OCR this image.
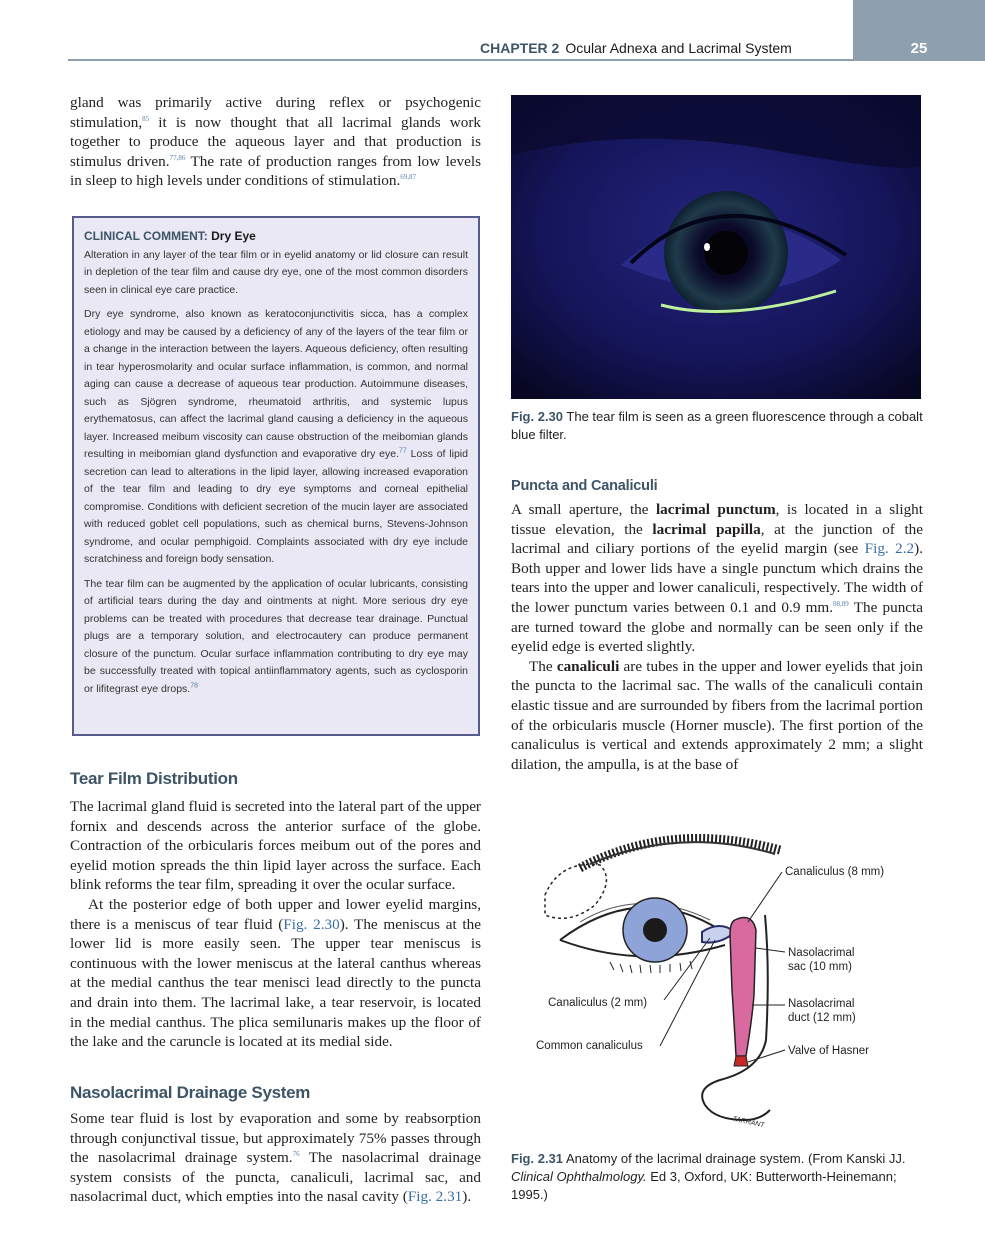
CHAPTER 2 Ocular Adnexa and Lacrimal System	25

gland was primarily active during reflex or psychogenic stimulation,$^{85}$ it is now thought that all lacrimal glands work together to produce the aqueous layer and that production is stimulus driven.$^{77,86}$ The rate of production ranges from low levels in sleep to high levels under conditions of stimulation.$^{69,87}$

CLINICAL COMMENT: Dry Eye

Alteration in any layer of the tear film or in eyelid anatomy or lid closure can result in depletion of the tear film and cause dry eye, one of the most common disorders seen in clinical eye care practice.

Dry eye syndrome, also known as keratoconjunctivitis sicca, has a complex etiology and may be caused by a deficiency of any of the layers of the tear film or a change in the interaction between the layers. Aqueous deficiency, often resulting in tear hyperosmolarity and ocular surface inflammation, is common, and normal aging can cause a decrease of aqueous tear production. Autoimmune diseases, such as Sjögren syndrome, rheumatoid arthritis, and systemic lupus erythematosus, can affect the lacrimal gland causing a deficiency in the aqueous layer. Increased meibum viscosity can cause obstruction of the meibomian glands resulting in meibomian gland dysfunction and evaporative dry eye.$^{77}$ Loss of lipid secretion can lead to alterations in the lipid layer, allowing increased evaporation of the tear film and leading to dry eye symptoms and corneal epithelial compromise. Conditions with deficient secretion of the mucin layer are associated with reduced goblet cell populations, such as chemical burns, Stevens-Johnson syndrome, and ocular pemphigoid. Complaints associated with dry eye include scratchiness and foreign body sensation.

The tear film can be augmented by the application of ocular lubricants, consisting of artificial tears during the day and ointments at night. More serious dry eye problems can be treated with procedures that decrease tear drainage. Punctual plugs are a temporary solution, and electrocautery can produce permanent closure of the punctum. Ocular surface inflammation contributing to dry eye may be successfully treated with topical antiinflammatory agents, such as cyclosporin or lifitegrast eye drops.$^{78}$

Tear Film Distribution

The lacrimal gland fluid is secreted into the lateral part of the upper fornix and descends across the anterior surface of the globe. Contraction of the orbicularis forces meibum out of the pores and eyelid motion spreads the thin lipid layer across the surface. Each blink reforms the tear film, spreading it over the ocular surface.

At the posterior edge of both upper and lower eyelid margins, there is a meniscus of tear fluid (Fig. 2.30). The meniscus at the lower lid is more easily seen. The upper tear meniscus is continuous with the lower meniscus at the lateral canthus whereas at the medial canthus the tear menisci lead directly to the puncta and drain into them. The lacrimal lake, a tear reservoir, is located in the medial canthus. The plica semilunaris makes up the floor of the lake and the caruncle is located at its medial side.

Nasolacrimal Drainage System

Some tear fluid is lost by evaporation and some by reabsorption through conjunctival tissue, but approximately 75% passes through the nasolacrimal drainage system.$^{76}$ The nasolacrimal drainage system consists of the puncta, canaliculi, lacrimal sac, and nasolacrimal duct, which empties into the nasal cavity (Fig. 2.31).

Fig. 2.30 The tear film is seen as a green fluorescence through a cobalt blue filter.

Puncta and Canaliculi

A small aperture, the lacrimal punctum, is located in a slight tissue elevation, the lacrimal papilla, at the junction of the lacrimal and ciliary portions of the eyelid margin (see Fig. 2.2). Both upper and lower lids have a single punctum which drains the tears into the upper and lower canaliculi, respectively. The width of the lower punctum varies between 0.1 and 0.9 mm.$^{88,89}$ The puncta are turned toward the globe and normally can be seen only if the eyelid edge is everted slightly.

The canaliculi are tubes in the upper and lower eyelids that join the puncta to the lacrimal sac. The walls of the canaliculi contain elastic tissue and are surrounded by fibers from the lacrimal portion of the orbicularis muscle (Horner muscle). The first portion of the canaliculus is vertical and extends approximately 2 mm; a slight dilation, the ampulla, is at the base of

Canaliculus (8 mm)
Nasolacrimal
sac (10 mm)
Canaliculus (2 mm)	Nasolacrimal
duct (12 mm)
Common canaliculus	Valve of Hasner
TARRANT

Fig. 2.31 Anatomy of the lacrimal drainage system. (From Kanski JJ. Clinical Ophthalmology. Ed 3, Oxford, UK: Butterworth-Heinemann; 1995.)
